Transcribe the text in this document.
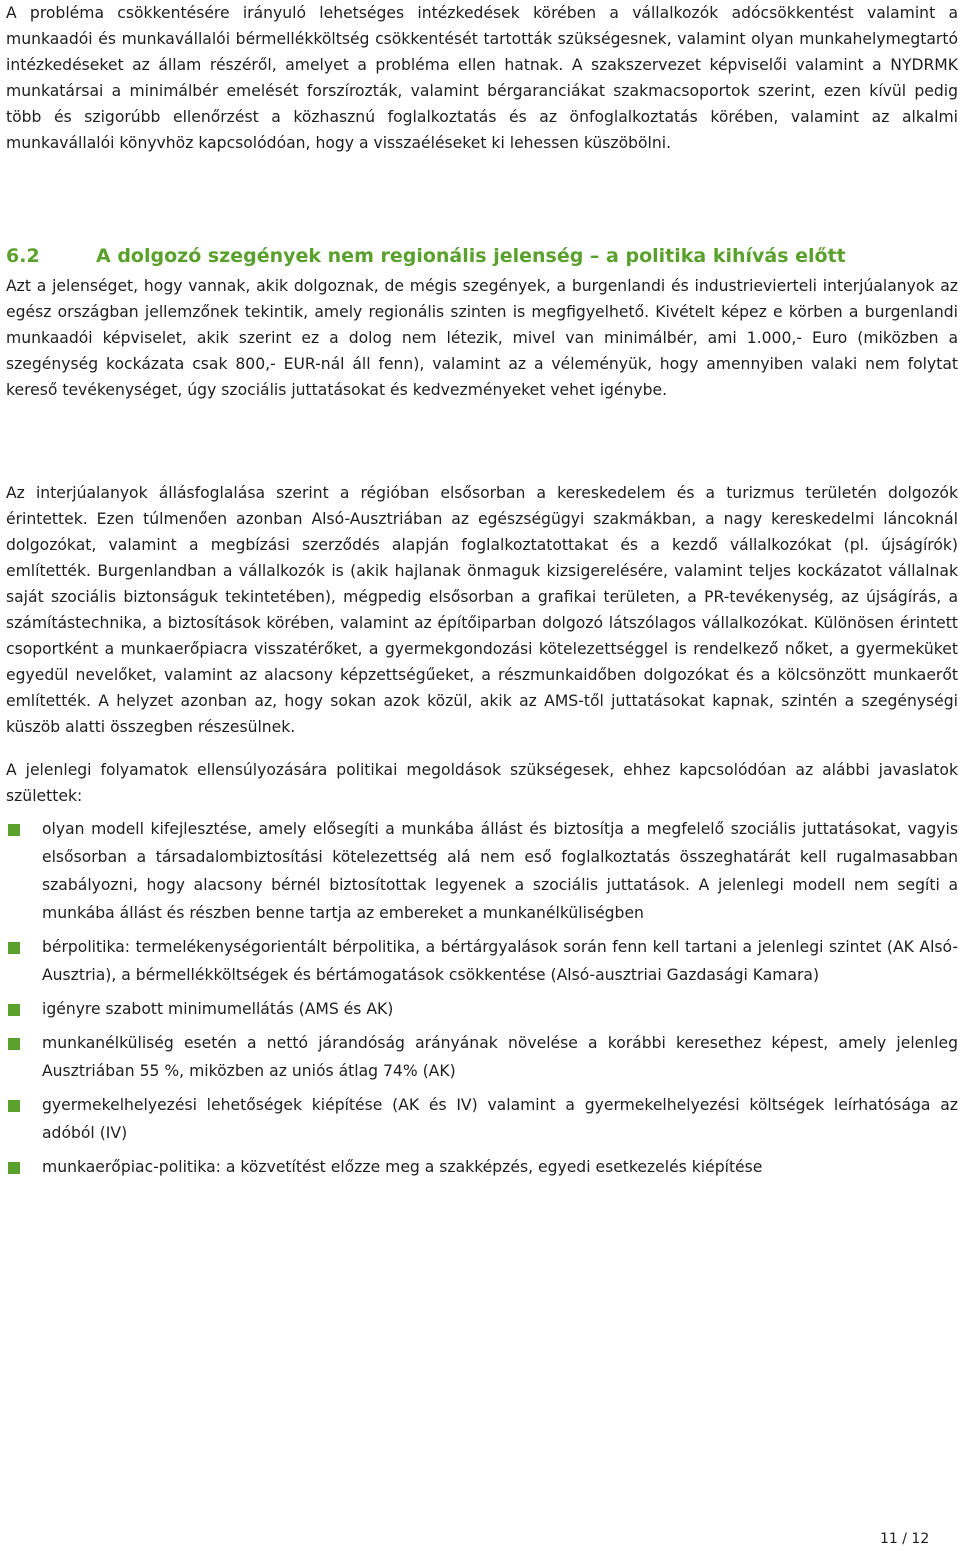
A probléma csökkentésére irányuló lehetséges intézkedések körében a vállalkozók adócsökkentést valamint a munkaadói és munkavállalói bérmellékköltség csökkentését tartották szükségesnek, valamint olyan munkahelymegtartó intézkedéseket az állam részéről, amelyet a probléma ellen hatnak. A szakszervezet képviselői valamint a NYDRMK munkatársai a minimálbér emelését forszírozták, valamint bérgaranciákat szakmacsoportok szerint, ezen kívül pedig több és szigorúbb ellenőrzést a közhasznú foglalkoztatás és az önfoglalkoztatás körében, valamint az alkalmi munkavállalói könyvhöz kapcsolódóan, hogy a visszaéléseket ki lehessen küszöbölni.

6.2	A dolgozó szegények nem regionális jelenség – a politika kihívás előtt

Azt a jelenséget, hogy vannak, akik dolgoznak, de mégis szegények, a burgenlandi és industrieviertelі interjúalanyok az egész országban jellemzőnek tekintik, amely regionális szinten is megfigyelhető. Kivételt képez e körben a burgenlandi munkaadói képviselet, akik szerint ez a dolog nem létezik, mivel van minimálbér, ami 1.000,- Euro (miközben a szegénység kockázata csak 800,- EUR-nál áll fenn), valamint az a véleményük, hogy amennyiben valaki nem folytat kereső tevékenységet, úgy szociális juttatásokat és kedvezményeket vehet igénybe.

Az interjúalanyok állásfoglalása szerint a régióban elsősorban a kereskedelem és a turizmus területén dolgozók érintettek. Ezen túlmenően azonban Alsó-Ausztriában az egészségügyi szakmákban, a nagy kereskedelmi láncoknál dolgozókat, valamint a megbízási szerződés alapján foglalkoztatottakat és a kezdő vállalkozókat (pl. újságírók) említették. Burgenlandban a vállalkozók is (akik hajlanak önmaguk kizsigerelésére, valamint teljes kockázatot vállalnak saját szociális biztonságuk tekintetében), mégpedig elsősorban a grafikai területen, a PR-tevékenység, az újságírás, a számítástechnika, a biztosítások körében, valamint az építőiparban dolgozó látszólagos vállalkozókat. Különösen érintett csoportként a munkaerőpiacra visszatérőket, a gyermekgondozási kötelezettséggel is rendelkező nőket, a gyermeküket egyedül nevelőket, valamint az alacsony képzettségűeket, a részmunkaidőben dolgozókat és a kölcsönzött munkaerőt említették. A helyzet azonban az, hogy sokan azok közül, akik az AMS-től juttatásokat kapnak, szintén a szegénységi küszöb alatti összegben részesülnek.

A jelenlegi folyamatok ellensúlyozására politikai megoldások szükségesek, ehhez kapcsolódóan az alábbi javaslatok születtek:

olyan modell kifejlesztése, amely elősegíti a munkába állást és biztosítja a megfelelő szociális juttatásokat, vagyis elsősorban a társadalombiztosítási kötelezettség alá nem eső foglalkoztatás összeghatárát kell rugalmasabban szabályozni, hogy alacsony bérnél biztosítottak legyenek a szociális juttatások. A jelenlegi modell nem segíti a munkába állást és részben benne tartja az embereket a munkanélküliségben
bérpolitika: termelékenységorientált bérpolitika, a bértárgyalások során fenn kell tartani a jelenlegi szintet (AK Alsó-Ausztria), a bérmellékköltségek és bértámogatások csökkentése (Alsó-ausztriai Gazdasági Kamara)
igényre szabott minimumellátás (AMS és AK)
munkanélküliség esetén a nettó járandóság arányának növelése a korábbi keresethez képest, amely jelenleg Ausztriában 55 %, miközben az uniós átlag 74% (AK)
gyermekelhelyezési lehetőségek kiépítése (AK és IV) valamint a gyermekelhelyezési költségek leírhatósága az adóból (IV)
munkaerőpiac-politika: a közvetítést előzze meg a szakképzés, egyedi esetkezelés kiépítése
11 / 12
